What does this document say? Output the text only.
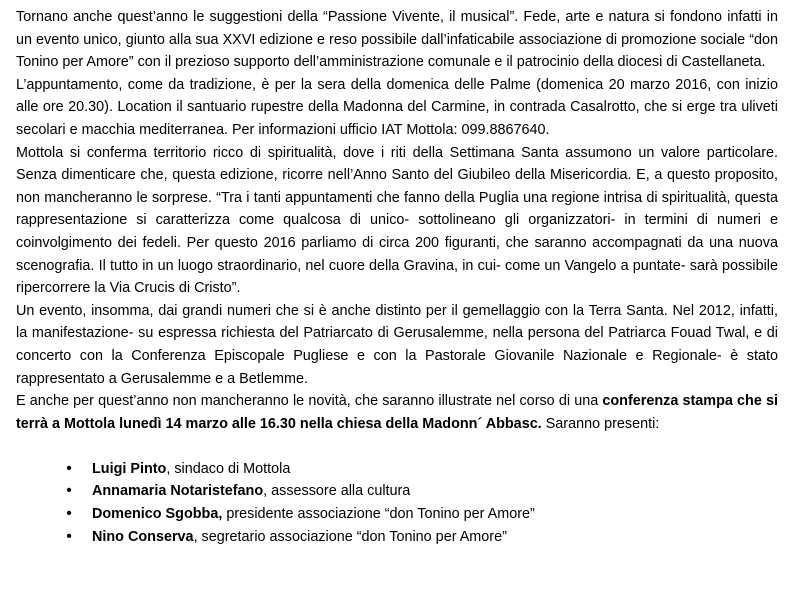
Tornano anche quest’anno le suggestioni della “Passione Vivente, il musical”. Fede, arte e natura si fondono infatti in un evento unico, giunto alla sua XXVI edizione e reso possibile dall’infaticabile associazione di promozione sociale “don Tonino per Amore” con il prezioso supporto dell’amministrazione comunale e il patrocinio della diocesi di Castellaneta.

L’appuntamento, come da tradizione, è per la sera della domenica delle Palme (domenica 20 marzo 2016, con inizio alle ore 20.30). Location il santuario rupestre della Madonna del Carmine, in contrada Casalrotto, che si erge tra uliveti secolari e macchia mediterranea. Per informazioni ufficio IAT Mottola: 099.8867640.

Mottola si conferma territorio ricco di spiritualità, dove i riti della Settimana Santa assumono un valore particolare. Senza dimenticare che, questa edizione, ricorre nell’Anno Santo del Giubileo della Misericordia. E, a questo proposito, non mancheranno le sorprese. “Tra i tanti appuntamenti che fanno della Puglia una regione intrisa di spiritualità, questa rappresentazione si caratterizza come qualcosa di unico- sottolineano gli organizzatori- in termini di numeri e coinvolgimento dei fedeli. Per questo 2016 parliamo di circa 200 figuranti, che saranno accompagnati da una nuova scenografia. Il tutto in un luogo straordinario, nel cuore della Gravina, in cui- come un Vangelo a puntate- sarà possibile ripercorrere la Via Crucis di Cristo”.

Un evento, insomma, dai grandi numeri che si è anche distinto per il gemellaggio con la Terra Santa. Nel 2012, infatti, la manifestazione- su espressa richiesta del Patriarcato di Gerusalemme, nella persona del Patriarca Fouad Twal, e di concerto con la Conferenza Episcopale Pugliese e con la Pastorale Giovanile Nazionale e Regionale- è stato rappresentato a Gerusalemme e a Betlemme.

E anche per quest’anno non mancheranno le novità, che saranno illustrate nel corso di una conferenza stampa che si terrà a Mottola lunedì 14 marzo alle 16.30 nella chiesa della Madonn´ Abbasc. Saranno presenti:

• Luigi Pinto, sindaco di Mottola
• Annamaria Notaristefano, assessore alla cultura
• Domenico Sgobba, presidente associazione “don Tonino per Amore”
• Nino Conserva, segretario associazione “don Tonino per Amore”
